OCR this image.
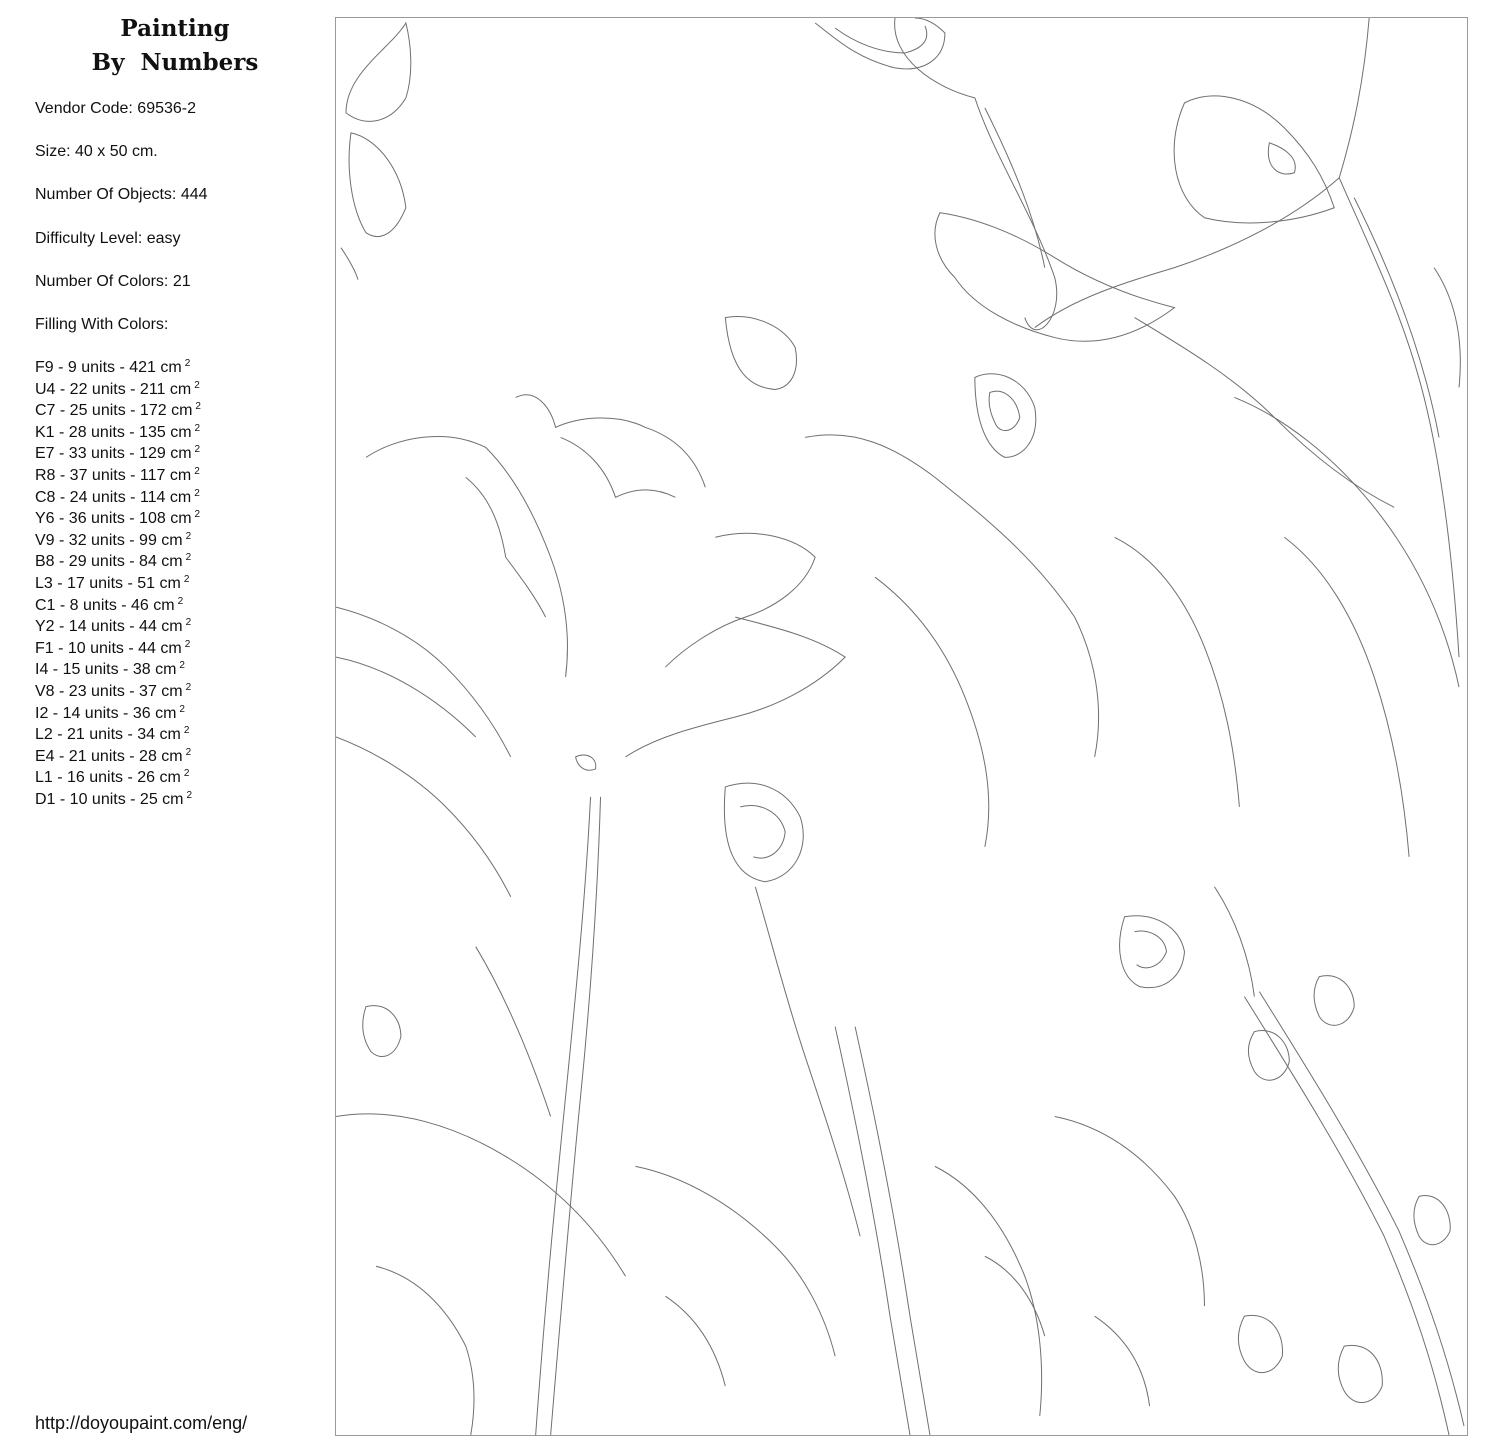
Painting
By  Numbers
Vendor Code: 69536-2
Size: 40 x 50 cm.
Number Of Objects: 444
Difficulty Level: easy
Number Of Colors: 21
Filling With Colors:
F9 - 9 units - 421 cm $^2$
U4 - 22 units - 211 cm $^2$
C7 - 25 units - 172 cm $^2$
K1 - 28 units - 135 cm $^2$
E7 - 33 units - 129 cm $^2$
R8 - 37 units - 117 cm $^2$
C8 - 24 units - 114 cm $^2$
Y6 - 36 units - 108 cm $^2$
V9 - 32 units - 99 cm $^2$
B8 - 29 units - 84 cm $^2$
L3 - 17 units - 51 cm $^2$
C1 - 8 units - 46 cm $^2$
Y2 - 14 units - 44 cm $^2$
F1 - 10 units - 44 cm $^2$
I4 - 15 units - 38 cm $^2$
V8 - 23 units - 37 cm $^2$
I2 - 14 units - 36 cm $^2$
L2 - 21 units - 34 cm $^2$
E4 - 21 units - 28 cm $^2$
L1 - 16 units - 26 cm $^2$
D1 - 10 units - 25 cm $^2$
http://doyoupaint.com/eng/
